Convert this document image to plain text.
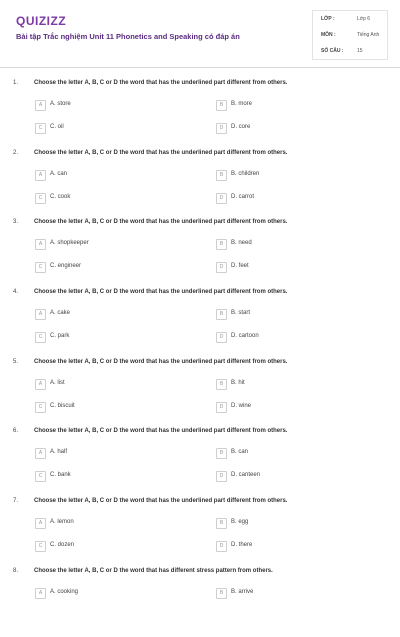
QUIZIZZ
Bài tập Trắc nghiệm Unit 11 Phonetics and Speaking có đáp án
LỚP :	Lớp 6
MÔN :	Tiếng Anh
SỐ CÂU :	15
1.	Choose the letter A, B, C or D the word that has the underlined part different from others.
A	A. store	B	B. more
C	C. oil	D	D. core
2.	Choose the letter A, B, C or D the word that has the underlined part different from others.
A	A. can	B	B. children
C	C. cook	D	D. carrot
3.	Choose the letter A, B, C or D the word that has the underlined part different from others.
A	A. shopkeeper	B	B. need
C	C. engineer	D	D. feet
4.	Choose the letter A, B, C or D the word that has the underlined part different from others.
A	A. cake	B	B. start
C	C. park	D	D. cartoon
5.	Choose the letter A, B, C or D the word that has the underlined part different from others.
A	A. list	B	B. hit
C	C. biscuit	D	D. wine
6.	Choose the letter A, B, C or D the word that has the underlined part different from others.
A	A. half	B	B. can
C	C. bank	D	D. canteen
7.	Choose the letter A, B, C or D the word that has the underlined part different from others.
A	A. lemon	B	B. egg
C	C. dozen	D	D. there
8.	Choose the letter A, B, C or D the word that has different stress pattern from others.
A	A. cooking	B	B. arrive
